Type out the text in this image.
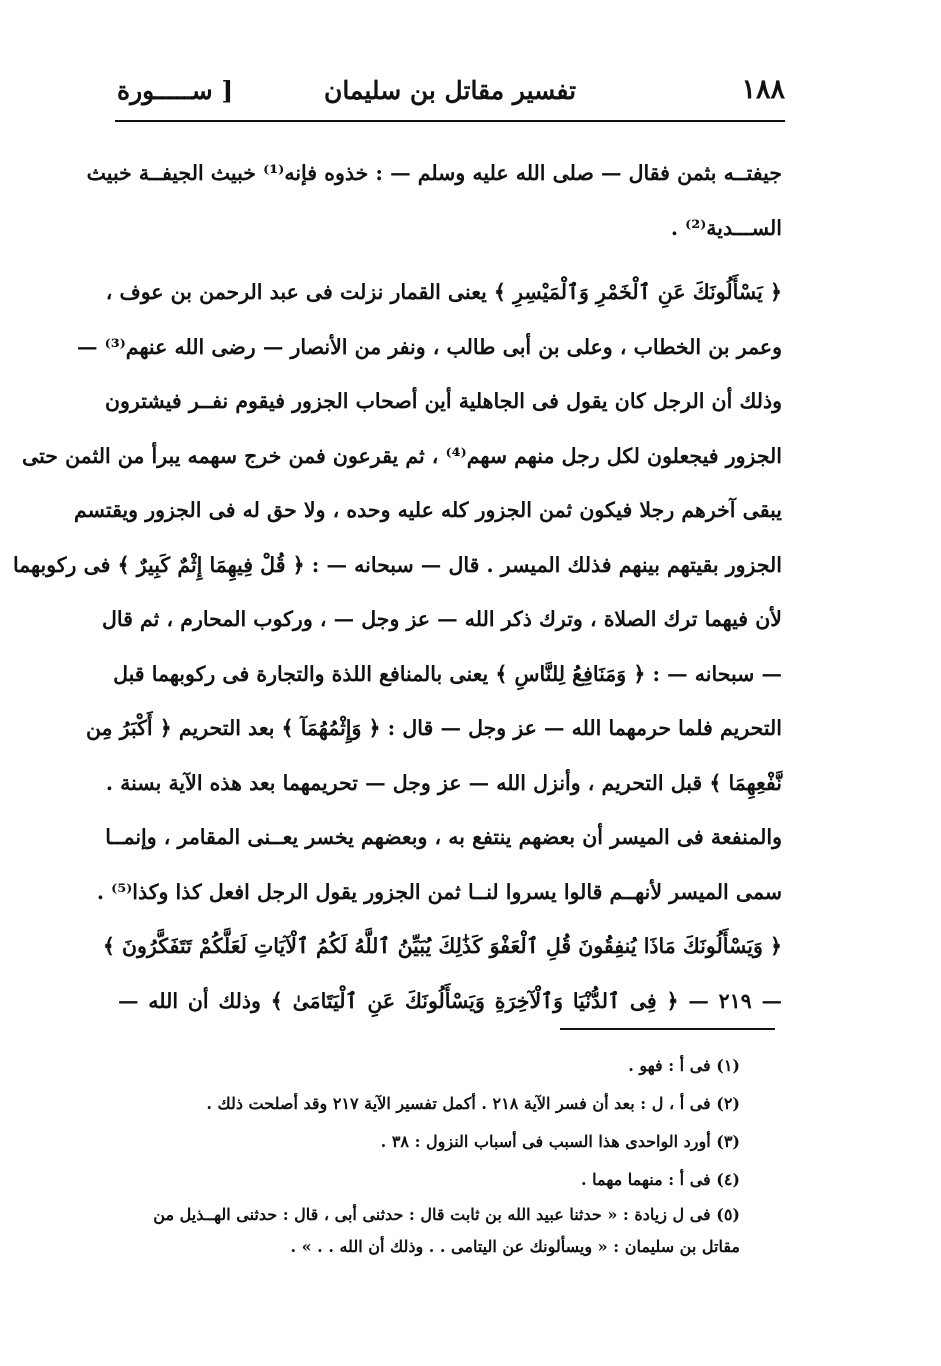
١٨٨
تفسير مقاتل بن سليمان
[ ســـــورة
جيفتــه بثمن فقال — صلى الله عليه وسلم — : خذوه فإنه⁽¹⁾ خبيث الجيفــة خبيث
الســـدية⁽²⁾ .
﴿ يَسْأَلُونَكَ عَنِ ٱلْخَمْرِ وَٱلْمَيْسِرِ ﴾ يعنى القمار نزلت فى عبد الرحمن بن عوف ،
وعمر بن الخطاب ، وعلى بن أبى طالب ، ونفر من الأنصار — رضى الله عنهم⁽³⁾ —
وذلك أن الرجل كان يقول فى الجاهلية أين أصحاب الجزور فيقوم نفــر فيشترون
الجزور فيجعلون لكل رجل منهم سهم⁽⁴⁾ ، ثم يقرعون فمن خرج سهمه يبرأ من الثمن حتى
يبقى آخرهم رجلا فيكون ثمن الجزور كله عليه وحده ، ولا حق له فى الجزور ويقتسم
الجزور بقيتهم بينهم فذلك الميسر . قال — سبحانه — : ﴿ قُلْ فِيهِمَا إِثْمٌ كَبِيرٌ ﴾ فى ركوبهما
لأن فيهما ترك الصلاة ، وترك ذكر الله — عز وجل — ، وركوب المحارم ، ثم قال
— سبحانه — : ﴿ وَمَنَافِعُ لِلنَّاسِ ﴾ يعنى بالمنافع اللذة والتجارة فى ركوبهما قبل
التحريم فلما حرمهما الله — عز وجل — قال : ﴿ وَإِثْمُهُمَآ ﴾ بعد التحريم ﴿ أَكْبَرُ مِن
نَّفْعِهِمَا ﴾ قبل التحريم ، وأنزل الله — عز وجل — تحريمهما بعد هذه الآية بسنة .
والمنفعة فى الميسر أن بعضهم ينتفع به ، وبعضهم يخسر يعــنى المقامر ، وإنمــا
سمى الميسر لأنهــم قالوا يسروا لنــا ثمن الجزور يقول الرجل افعل كذا وكذا⁽⁵⁾ .
﴿ وَيَسْأَلُونَكَ مَاذَا يُنفِقُونَ قُلِ ٱلْعَفْوَ كَذَٰلِكَ يُبَيِّنُ ٱللَّهُ لَكُمُ ٱلْآيَاتِ لَعَلَّكُمْ تَتَفَكَّرُونَ ﴾
— ٢١٩ — ﴿ فِى ٱلدُّنْيَا وَٱلْآخِرَةِ وَيَسْأَلُونَكَ عَنِ ٱلْيَتَامَىٰ ﴾ وذلك أن الله —
(١) فى أ : فهو .
(٢) فى أ ، ل : بعد أن فسر الآية ٢١٨ . أكمل تفسير الآية ٢١٧ وقد أصلحت ذلك .
(٣) أورد الواحدى هذا السبب فى أسباب النزول : ٣٨ .
(٤) فى أ : منهما مهما .
(٥) فى ل زيادة : « حدثنا عبيد الله بن ثابت قال : حدثنى أبى ، قال : حدثنى الهــذيل من
مقاتل بن سليمان : « ويسألونك عن اليتامى . . وذلك أن الله . . » .
